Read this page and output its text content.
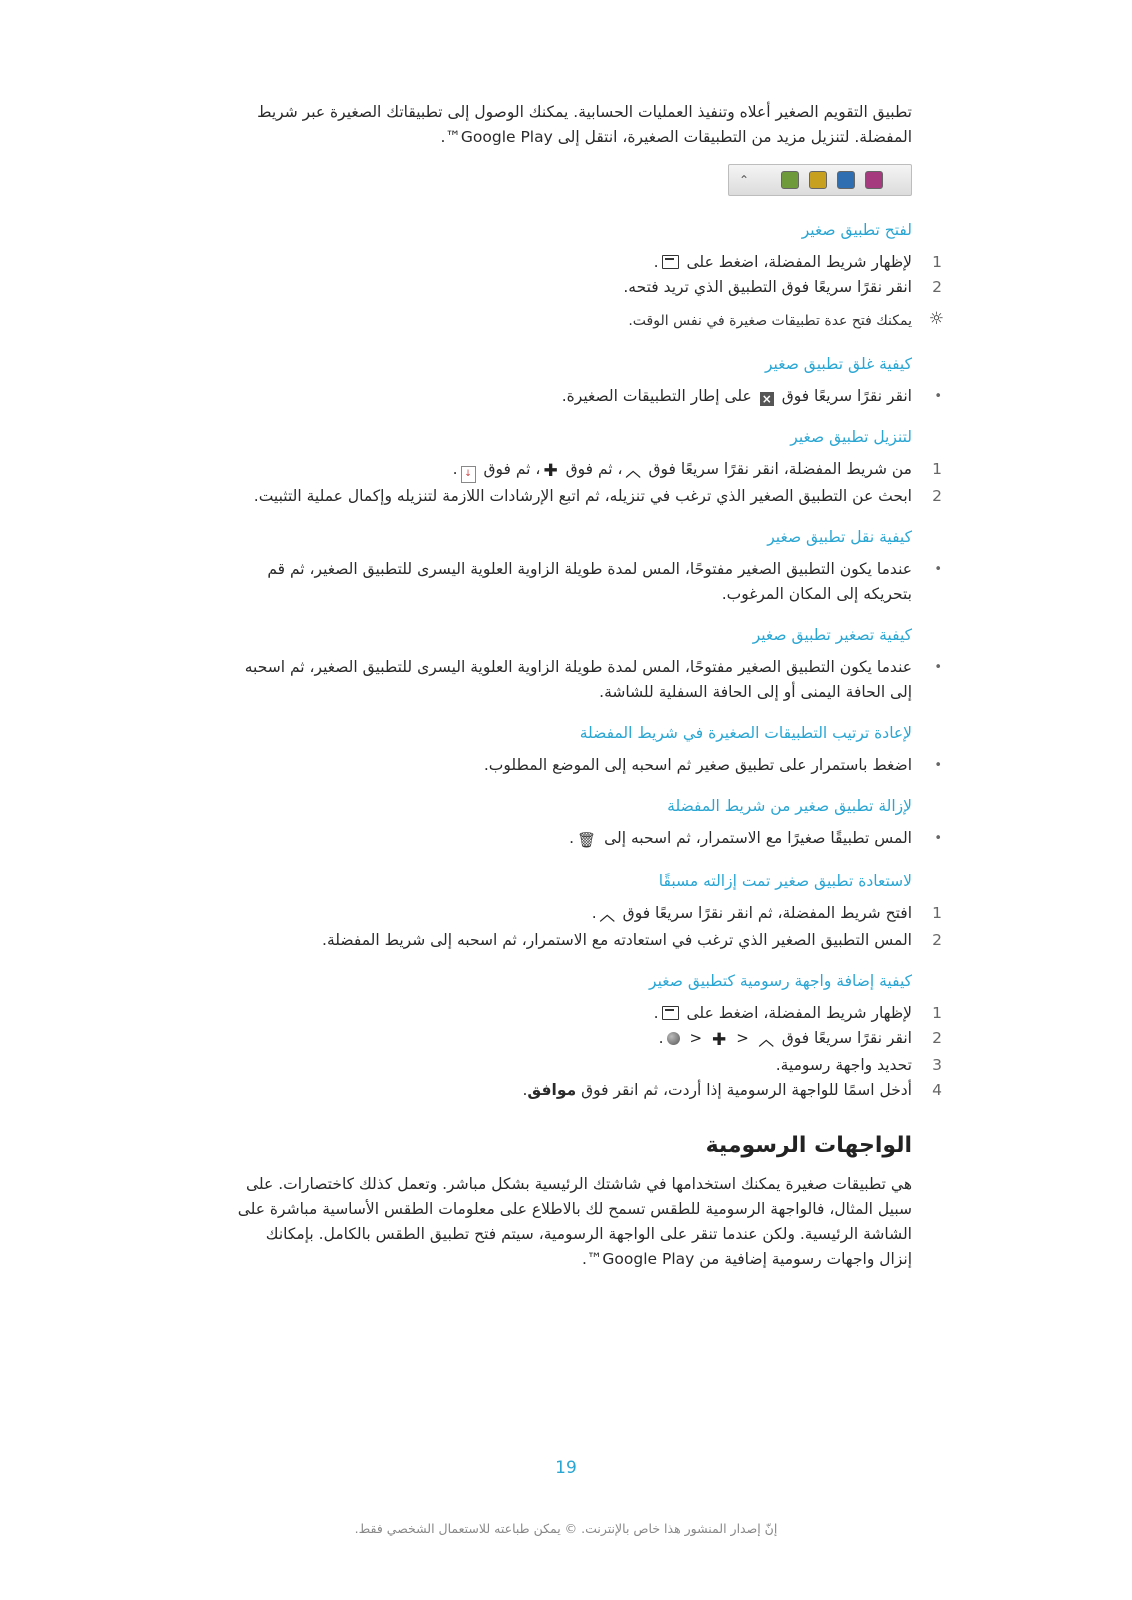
تطبيق التقويم الصغير أعلاه وتنفيذ العمليات الحسابية. يمكنك الوصول إلى تطبيقاتك الصغيرة عبر شريط المفضلة. لتنزيل مزيد من التطبيقات الصغيرة، انتقل إلى Google Play™.

⌃
لفتح تطبيق صغير
1
لإظهار شريط المفضلة، اضغط على .
2
انقر نقرًا سريعًا فوق التطبيق الذي تريد فتحه.
☼
يمكنك فتح عدة تطبيقات صغيرة في نفس الوقت.
كيفية غلق تطبيق صغير
•
انقر نقرًا سريعًا فوق × على إطار التطبيقات الصغيرة.
لتنزيل تطبيق صغير
1
من شريط المفضلة، انقر نقرًا سريعًا فوق ︿، ثم فوق ✚، ثم فوق ↓.
2
ابحث عن التطبيق الصغير الذي ترغب في تنزيله، ثم اتبع الإرشادات اللازمة لتنزيله وإكمال عملية التثبيت.
كيفية نقل تطبيق صغير
•
عندما يكون التطبيق الصغير مفتوحًا، المس لمدة طويلة الزاوية العلوية اليسرى للتطبيق الصغير، ثم قم بتحريكه إلى المكان المرغوب.
كيفية تصغير تطبيق صغير
•
عندما يكون التطبيق الصغير مفتوحًا، المس لمدة طويلة الزاوية العلوية اليسرى للتطبيق الصغير، ثم اسحبه إلى الحافة اليمنى أو إلى الحافة السفلية للشاشة.
لإعادة ترتيب التطبيقات الصغيرة في شريط المفضلة
•
اضغط باستمرار على تطبيق صغير ثم اسحبه إلى الموضع المطلوب.
لإزالة تطبيق صغير من شريط المفضلة
•
المس تطبيقًا صغيرًا مع الاستمرار، ثم اسحبه إلى 🗑.
لاستعادة تطبيق صغير تمت إزالته مسبقًا
1
افتح شريط المفضلة، ثم انقر نقرًا سريعًا فوق ︿.
2
المس التطبيق الصغير الذي ترغب في استعادته مع الاستمرار، ثم اسحبه إلى شريط المفضلة.
كيفية إضافة واجهة رسومية كتطبيق صغير
1
لإظهار شريط المفضلة، اضغط على .
2
انقر نقرًا سريعًا فوق ︿ < ✚ < .
3
تحديد واجهة رسومية.
4
أدخل اسمًا للواجهة الرسومية إذا أردت، ثم انقر فوق موافق.
الواجهات الرسومية

هي تطبيقات صغيرة يمكنك استخدامها في شاشتك الرئيسية بشكل مباشر. وتعمل كذلك كاختصارات. على سبيل المثال، فالواجهة الرسومية للطقس تسمح لك بالاطلاع على معلومات الطقس الأساسية مباشرة على الشاشة الرئيسية. ولكن عندما تنقر على الواجهة الرسومية، سيتم فتح تطبيق الطقس بالكامل. بإمكانك إنزال واجهات رسومية إضافية من Google Play™.

19
إنّ إصدار المنشور هذا خاص بالإنترنت. © يمكن طباعته للاستعمال الشخصي فقط.
